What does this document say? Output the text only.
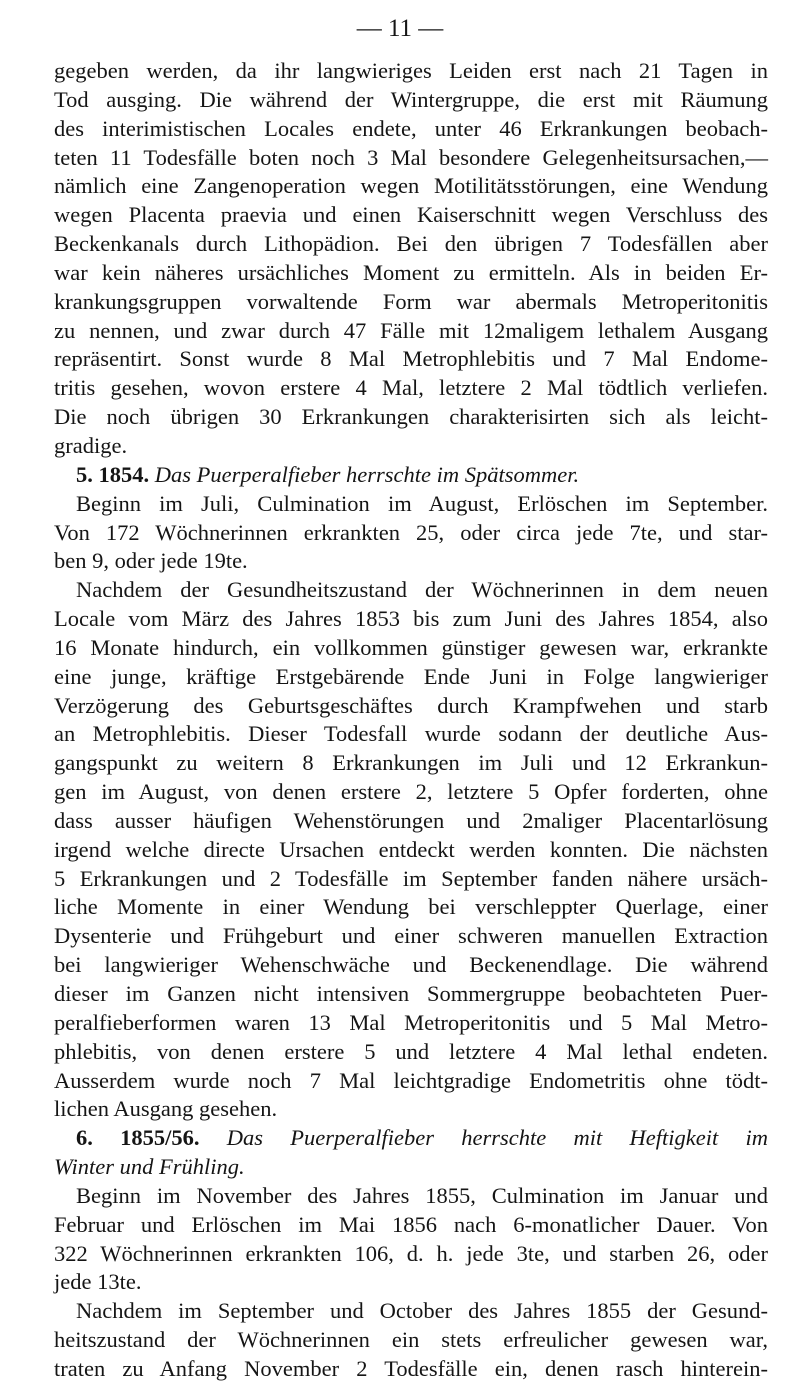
— 11 —
gegeben werden, da ihr langwieriges Leiden erst nach 21 Tagen in
Tod ausging. Die während der Wintergruppe, die erst mit Räumung
des interimistischen Locales endete, unter 46 Erkrankungen beobach-
teten 11 Todesfälle boten noch 3 Mal besondere Gelegenheitsursachen,—
nämlich eine Zangenoperation wegen Motilitätsstörungen, eine Wendung
wegen Placenta praevia und einen Kaiserschnitt wegen Verschluss des
Beckenkanals durch Lithopädion. Bei den übrigen 7 Todesfällen aber
war kein näheres ursächliches Moment zu ermitteln. Als in beiden Er-
krankungsgruppen vorwaltende Form war abermals Metroperitonitis
zu nennen, und zwar durch 47 Fälle mit 12maligem lethalem Ausgang
repräsentirt. Sonst wurde 8 Mal Metrophlebitis und 7 Mal Endome-
tritis gesehen, wovon erstere 4 Mal, letztere 2 Mal tödtlich verliefen.
Die noch übrigen 30 Erkrankungen charakterisirten sich als leicht-
gradige.
5. 1854. Das Puerperalfieber herrschte im Spätsommer.
Beginn im Juli, Culmination im August, Erlöschen im September.
Von 172 Wöchnerinnen erkrankten 25, oder circa jede 7te, und star-
ben 9, oder jede 19te.
Nachdem der Gesundheitszustand der Wöchnerinnen in dem neuen
Locale vom März des Jahres 1853 bis zum Juni des Jahres 1854, also
16 Monate hindurch, ein vollkommen günstiger gewesen war, erkrankte
eine junge, kräftige Erstgebärende Ende Juni in Folge langwieriger
Verzögerung des Geburtsgeschäftes durch Krampfwehen und starb
an Metrophlebitis. Dieser Todesfall wurde sodann der deutliche Aus-
gangspunkt zu weitern 8 Erkrankungen im Juli und 12 Erkrankun-
gen im August, von denen erstere 2, letztere 5 Opfer forderten, ohne
dass ausser häufigen Wehenstörungen und 2maliger Placentarlösung
irgend welche directe Ursachen entdeckt werden konnten. Die nächsten
5 Erkrankungen und 2 Todesfälle im September fanden nähere ursäch-
liche Momente in einer Wendung bei verschleppter Querlage, einer
Dysenterie und Frühgeburt und einer schweren manuellen Extraction
bei langwieriger Wehenschwäche und Beckenendlage. Die während
dieser im Ganzen nicht intensiven Sommergruppe beobachteten Puer-
peralfieberformen waren 13 Mal Metroperitonitis und 5 Mal Metro-
phlebitis, von denen erstere 5 und letztere 4 Mal lethal endeten.
Ausserdem wurde noch 7 Mal leichtgradige Endometritis ohne tödt-
lichen Ausgang gesehen.
6. 1855/56. Das Puerperalfieber herrschte mit Heftigkeit im
Winter und Frühling.
Beginn im November des Jahres 1855, Culmination im Januar und
Februar und Erlöschen im Mai 1856 nach 6-monatlicher Dauer. Von
322 Wöchnerinnen erkrankten 106, d. h. jede 3te, und starben 26, oder
jede 13te.
Nachdem im September und October des Jahres 1855 der Gesund-
heitszustand der Wöchnerinnen ein stets erfreulicher gewesen war,
traten zu Anfang November 2 Todesfälle ein, denen rasch hinterein-
